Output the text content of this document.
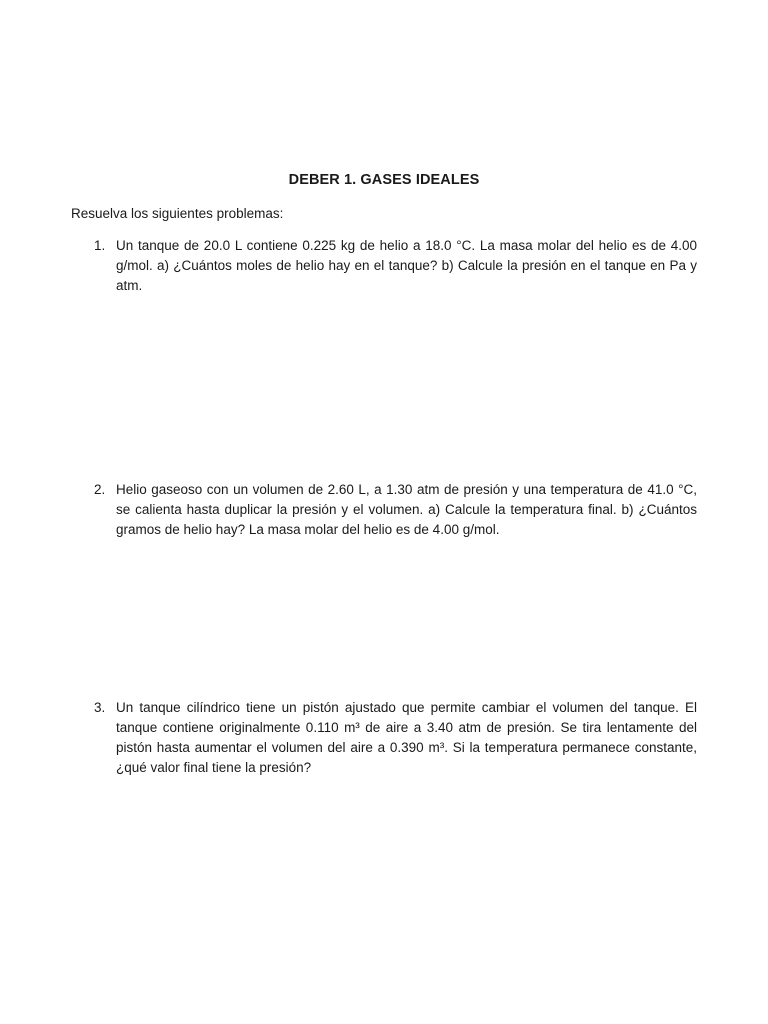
DEBER 1. GASES IDEALES
Resuelva los siguientes problemas:
1. Un tanque de 20.0 L contiene 0.225 kg de helio a 18.0 °C. La masa molar del helio es de 4.00 g/mol. a) ¿Cuántos moles de helio hay en el tanque? b) Calcule la presión en el tanque en Pa y atm.
2. Helio gaseoso con un volumen de 2.60 L, a 1.30 atm de presión y una temperatura de 41.0 °C, se calienta hasta duplicar la presión y el volumen. a) Calcule la temperatura final. b) ¿Cuántos gramos de helio hay? La masa molar del helio es de 4.00 g/mol.
3. Un tanque cilíndrico tiene un pistón ajustado que permite cambiar el volumen del tanque. El tanque contiene originalmente 0.110 m³ de aire a 3.40 atm de presión. Se tira lentamente del pistón hasta aumentar el volumen del aire a 0.390 m³. Si la temperatura permanece constante, ¿qué valor final tiene la presión?
